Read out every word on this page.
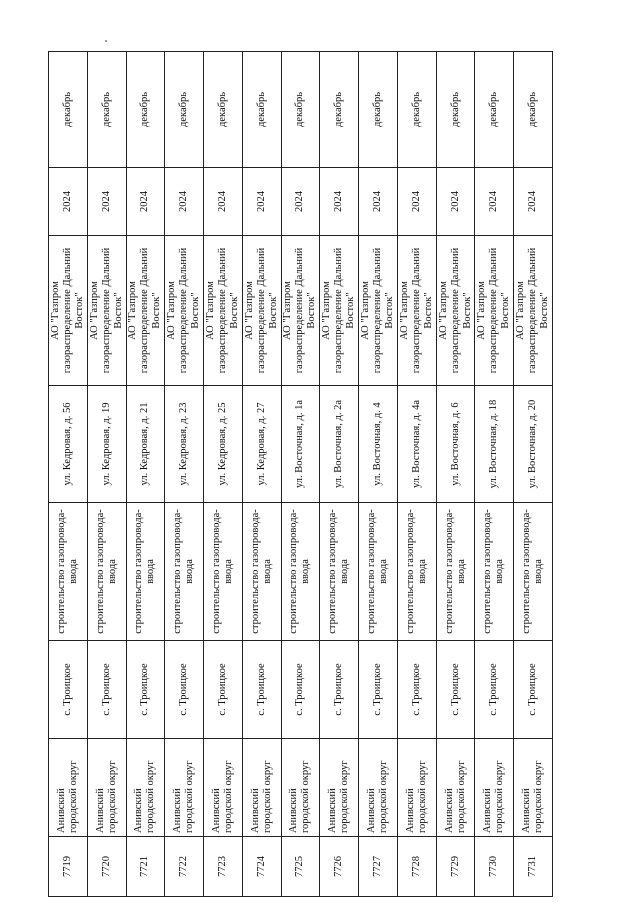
7719	Анивский городской округ	с. Троицкое	строительство газопровода-ввода	ул. Кедровая, д. 56	АО "Газпром газораспределение Дальний Восток"	2024	декабрь
7720	Анивский городской округ	с. Троицкое	строительство газопровода-ввода	ул. Кедровая, д. 19	АО "Газпром газораспределение Дальний Восток"	2024	декабрь
7721	Анивский городской округ	с. Троицкое	строительство газопровода-ввода	ул. Кедровая, д. 21	АО "Газпром газораспределение Дальний Восток"	2024	декабрь
7722	Анивский городской округ	с. Троицкое	строительство газопровода-ввода	ул. Кедровая, д. 23	АО "Газпром газораспределение Дальний Восток"	2024	декабрь
7723	Анивский городской округ	с. Троицкое	строительство газопровода-ввода	ул. Кедровая, д. 25	АО "Газпром газораспределение Дальний Восток"	2024	декабрь
7724	Анивский городской округ	с. Троицкое	строительство газопровода-ввода	ул. Кедровая, д. 27	АО "Газпром газораспределение Дальний Восток"	2024	декабрь
7725	Анивский городской округ	с. Троицкое	строительство газопровода-ввода	ул. Восточная, д. 1а	АО "Газпром газораспределение Дальний Восток"	2024	декабрь
7726	Анивский городской округ	с. Троицкое	строительство газопровода-ввода	ул. Восточная, д. 2а	АО "Газпром газораспределение Дальний Восток"	2024	декабрь
7727	Анивский городской округ	с. Троицкое	строительство газопровода-ввода	ул. Восточная, д. 4	АО "Газпром газораспределение Дальний Восток"	2024	декабрь
7728	Анивский городской округ	с. Троицкое	строительство газопровода-ввода	ул. Восточная, д. 4а	АО "Газпром газораспределение Дальний Восток"	2024	декабрь
7729	Анивский городской округ	с. Троицкое	строительство газопровода-ввода	ул. Восточная, д. 6	АО "Газпром газораспределение Дальний Восток"	2024	декабрь
7730	Анивский городской округ	с. Троицкое	строительство газопровода-ввода	ул. Восточная, д. 18	АО "Газпром газораспределение Дальний Восток"	2024	декабрь
7731	Анивский городской округ	с. Троицкое	строительство газопровода-ввода	ул. Восточная, д. 20	АО "Газпром газораспределение Дальний Восток"	2024	декабрь
